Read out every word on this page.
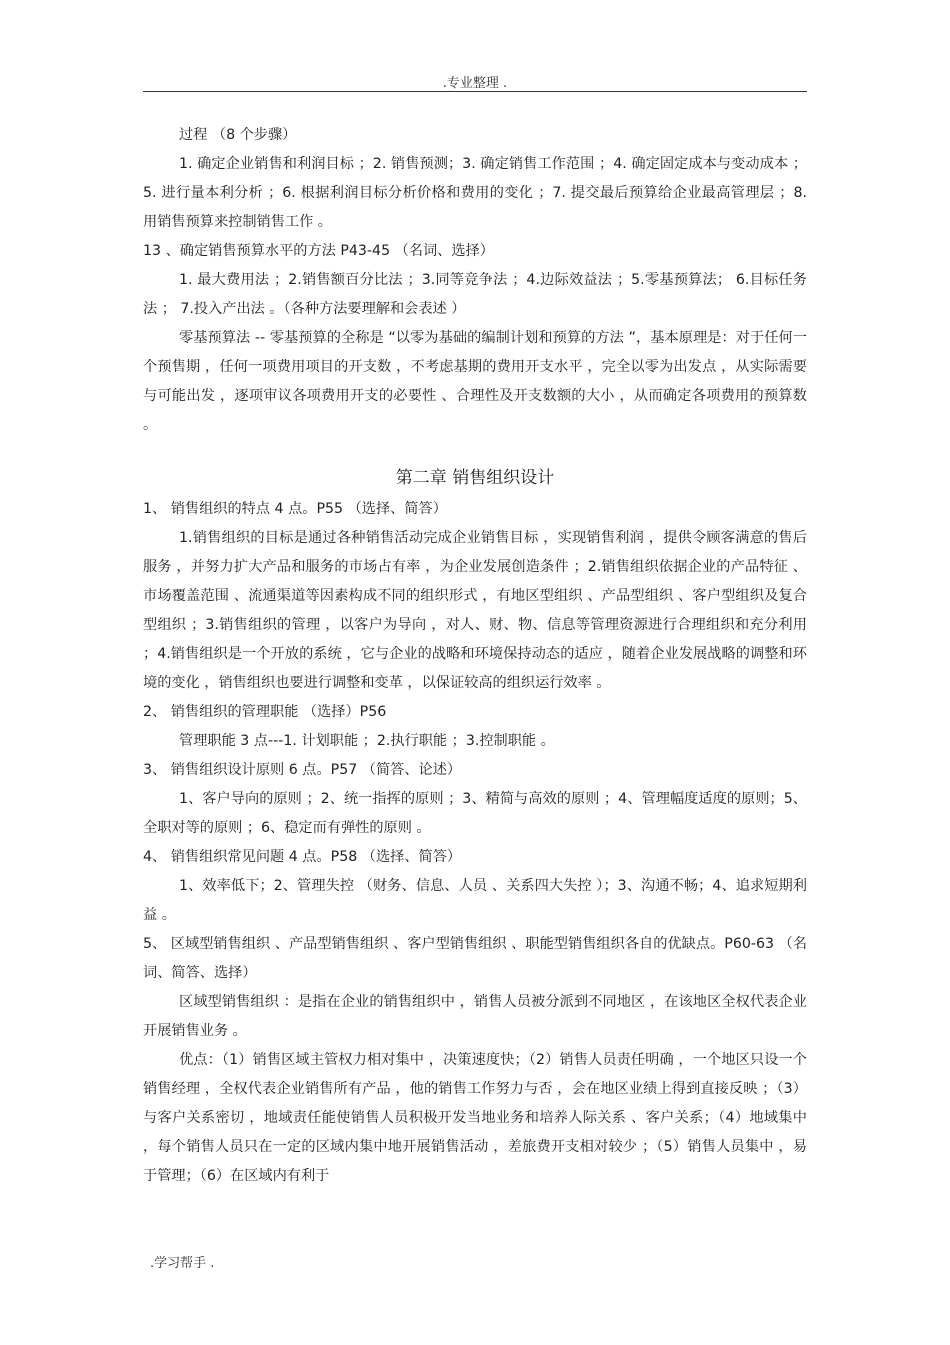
.专业整理 .

过程 （8 个步骤）

1. 确定企业销售和利润目标 ；2. 销售预测；3. 确定销售工作范围 ；4. 确定固定成本与变动成本 ；5. 进行量本利分析 ；6. 根据利润目标分析价格和费用的变化 ；7. 提交最后预算给企业最高管理层 ；8. 用销售预算来控制销售工作 。

13 、确定销售预算水平的方法 P43-45 （名词、选择）

1. 最大费用法 ；2.销售额百分比法 ；3.同等竞争法 ；4.边际效益法 ；5.零基预算法； 6.目标任务法 ； 7.投入产出法 。（各种方法要理解和会表述 ）

零基预算法 -- 零基预算的全称是 “以零为基础的编制计划和预算的方法 ”，基本原理是：对于任何一个预售期 ，任何一项费用项目的开支数 ，不考虑基期的费用开支水平 ，完全以零为出发点 ，从实际需要与可能出发 ，逐项审议各项费用开支的必要性 、合理性及开支数额的大小 ，从而确定各项费用的预算数 。

第二章 销售组织设计

1、 销售组织的特点 4 点。P55 （选择、简答）

1.销售组织的目标是通过各种销售活动完成企业销售目标 ，实现销售利润 ，提供令顾客满意的售后服务 ，并努力扩大产品和服务的市场占有率 ，为企业发展创造条件 ；2.销售组织依据企业的产品特征 、市场覆盖范围 、流通渠道等因素构成不同的组织形式 ，有地区型组织 、产品型组织 、客户型组织及复合型组织 ；3.销售组织的管理 ，以客户为导向 ，对人、财、物、信息等管理资源进行合理组织和充分利用 ；4.销售组织是一个开放的系统 ，它与企业的战略和环境保持动态的适应 ，随着企业发展战略的调整和环境的变化 ，销售组织也要进行调整和变革 ，以保证较高的组织运行效率 。

2、 销售组织的管理职能 （选择）P56

管理职能 3 点---1. 计划职能 ；2.执行职能 ；3.控制职能 。

3、 销售组织设计原则 6 点。P57 （简答、论述）

1、客户导向的原则 ；2、统一指挥的原则 ；3、精简与高效的原则 ；4、管理幅度适度的原则；5、全职对等的原则 ；6、稳定而有弹性的原则 。

4、 销售组织常见问题 4 点。P58 （选择、简答）

1、效率低下；2、管理失控 （财务、信息、人员 、关系四大失控 ）；3、沟通不畅；4、追求短期利益 。

5、 区域型销售组织 、产品型销售组织 、客户型销售组织 、职能型销售组织各自的优缺点。P60-63 （名词、简答、选择）

区域型销售组织 ：是指在企业的销售组织中 ，销售人员被分派到不同地区 ，在该地区全权代表企业开展销售业务 。

优点：（1）销售区域主管权力相对集中 ，决策速度快；（2）销售人员责任明确 ，一个地区只设一个销售经理 ，全权代表企业销售所有产品 ，他的销售工作努力与否 ，会在地区业绩上得到直接反映 ；（3）与客户关系密切 ，地域责任能使销售人员积极开发当地业务和培养人际关系 、客户关系；（4）地域集中 ，每个销售人员只在一定的区域内集中地开展销售活动 ，差旅费开支相对较少 ；（5）销售人员集中 ，易于管理；（6）在区域内有利于

.学习帮手 .
